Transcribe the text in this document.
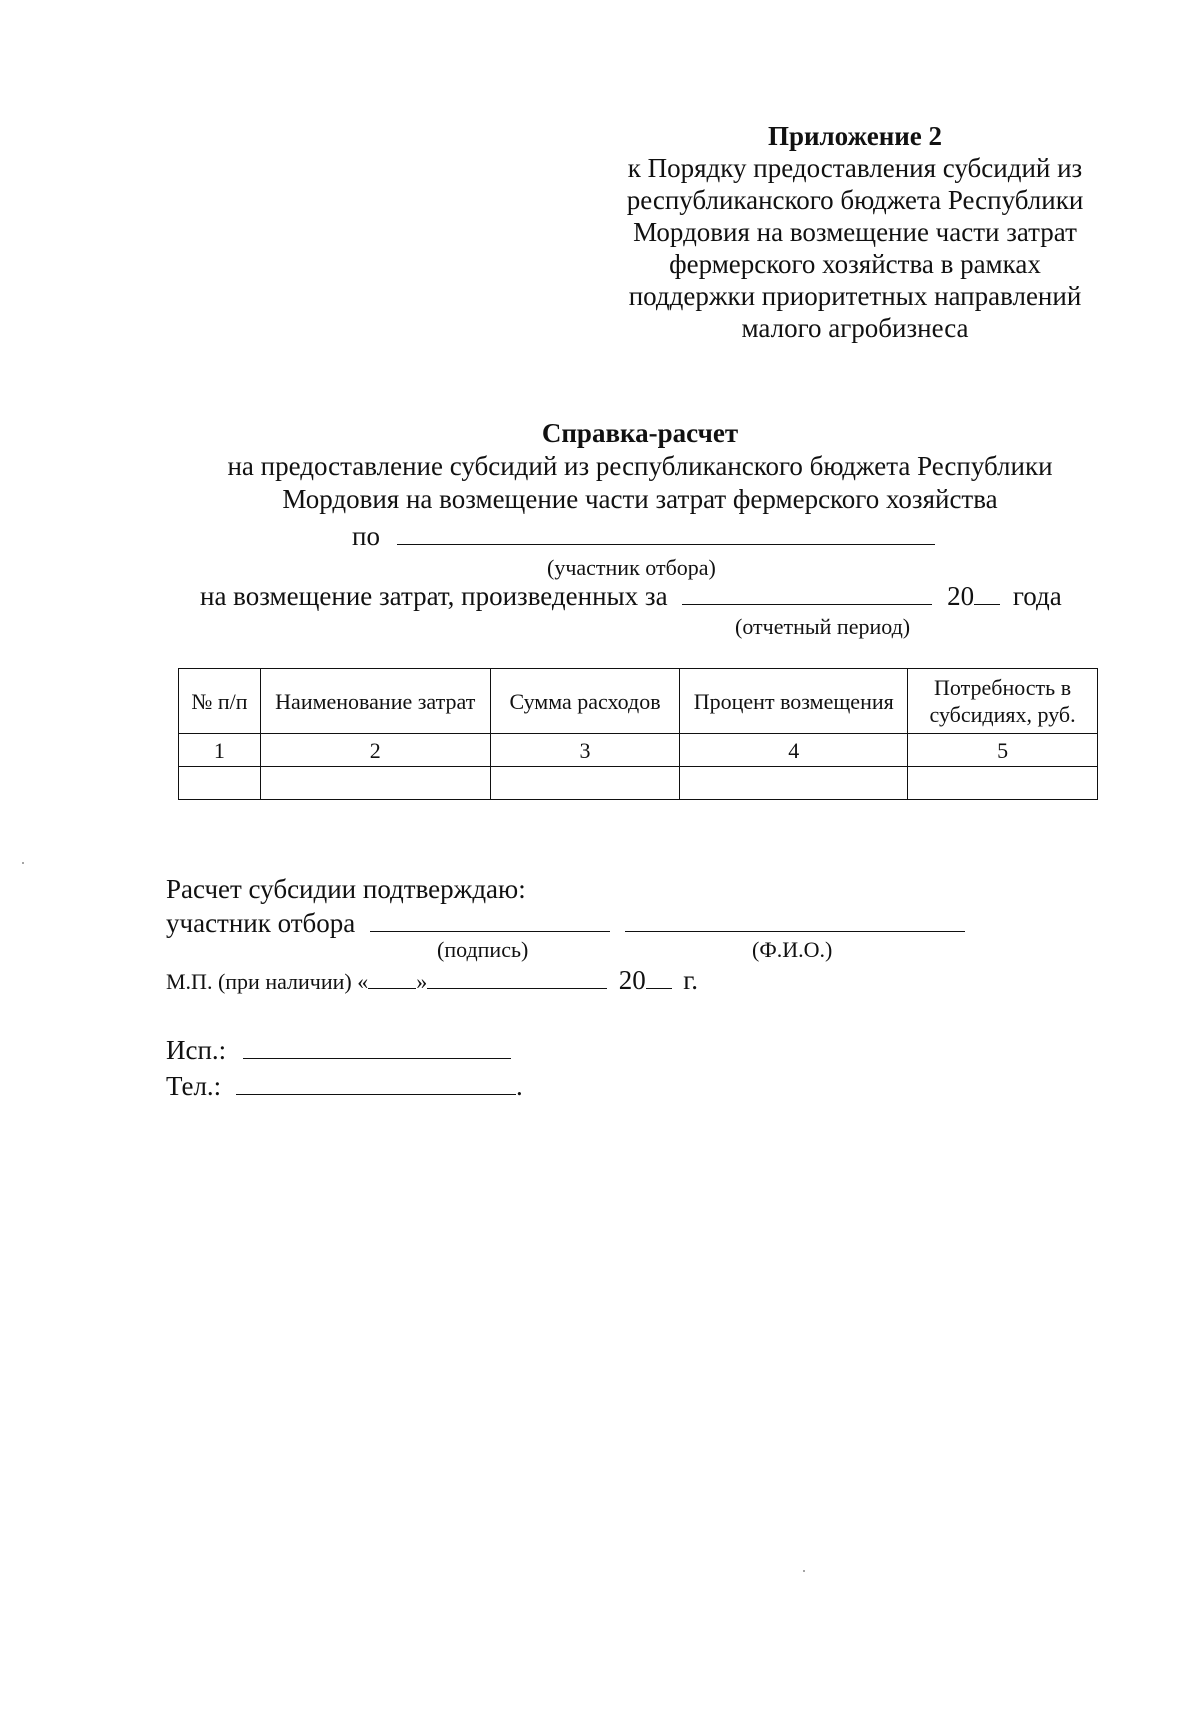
Приложение 2
к Порядку предоставления субсидий из
республиканского бюджета Республики
Мордовия на возмещение части затрат
фермерского хозяйства в рамках
поддержки приоритетных направлений
малого агробизнеса
Справка-расчет
на предоставление субсидий из республиканского бюджета Республики
Мордовия на возмещение части затрат фермерского хозяйства
по
(участник отбора)
на возмещение затрат, произведенных за	20 года
(отчетный период)
№ п/п	Наименование затрат	Сумма расходов	Процент возмещения	Потребность в субсидиях, руб.
1	2	3	4	5

Расчет субсидии подтверждаю:
участник отбора
(подпись)	(Ф.И.О.)
М.П. (при наличии) « »	20 г.
Исп.:
Тел.:	.
